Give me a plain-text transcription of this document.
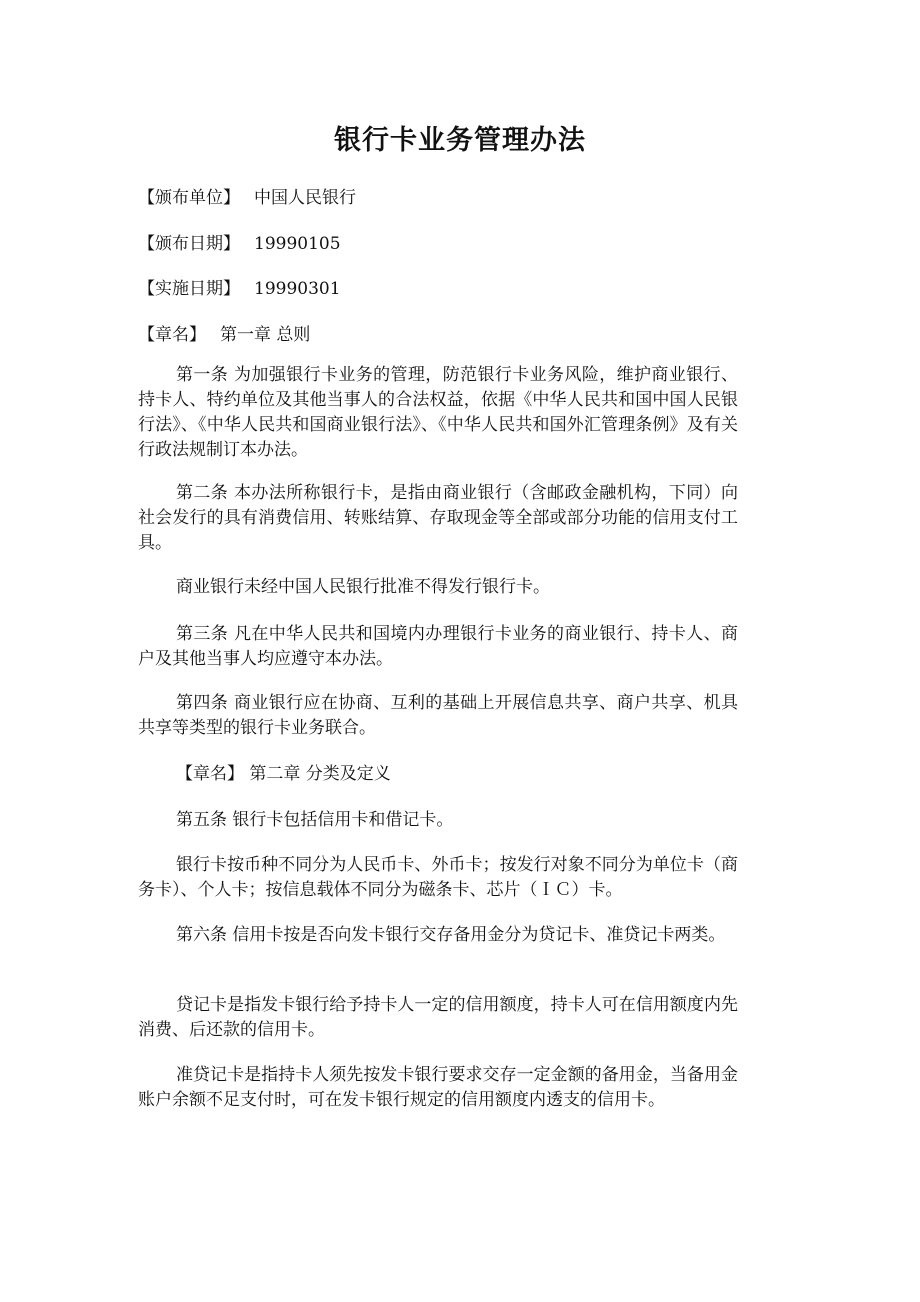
银行卡业务管理办法
【颁布单位】 中国人民银行
【颁布日期】 19990105
【实施日期】 19990301
【章名】 第一章 总则
第一条 为加强银行卡业务的管理，防范银行卡业务风险，维护商业银行、持卡人、特约单位及其他当事人的合法权益，依据《中华人民共和国中国人民银行法》、《中华人民共和国商业银行法》、《中华人民共和国外汇管理条例》及有关行政法规制订本办法。
第二条 本办法所称银行卡，是指由商业银行（含邮政金融机构，下同）向社会发行的具有消费信用、转账结算、存取现金等全部或部分功能的信用支付工具。
商业银行未经中国人民银行批准不得发行银行卡。
第三条 凡在中华人民共和国境内办理银行卡业务的商业银行、持卡人、商户及其他当事人均应遵守本办法。
第四条 商业银行应在协商、互利的基础上开展信息共享、商户共享、机具共享等类型的银行卡业务联合。
【章名】 第二章 分类及定义
第五条 银行卡包括信用卡和借记卡。
银行卡按币种不同分为人民币卡、外币卡；按发行对象不同分为单位卡（商务卡）、个人卡；按信息载体不同分为磁条卡、芯片（ＩＣ）卡。
第六条 信用卡按是否向发卡银行交存备用金分为贷记卡、准贷记卡两类。
贷记卡是指发卡银行给予持卡人一定的信用额度，持卡人可在信用额度内先消费、后还款的信用卡。
准贷记卡是指持卡人须先按发卡银行要求交存一定金额的备用金，当备用金账户余额不足支付时，可在发卡银行规定的信用额度内透支的信用卡。
